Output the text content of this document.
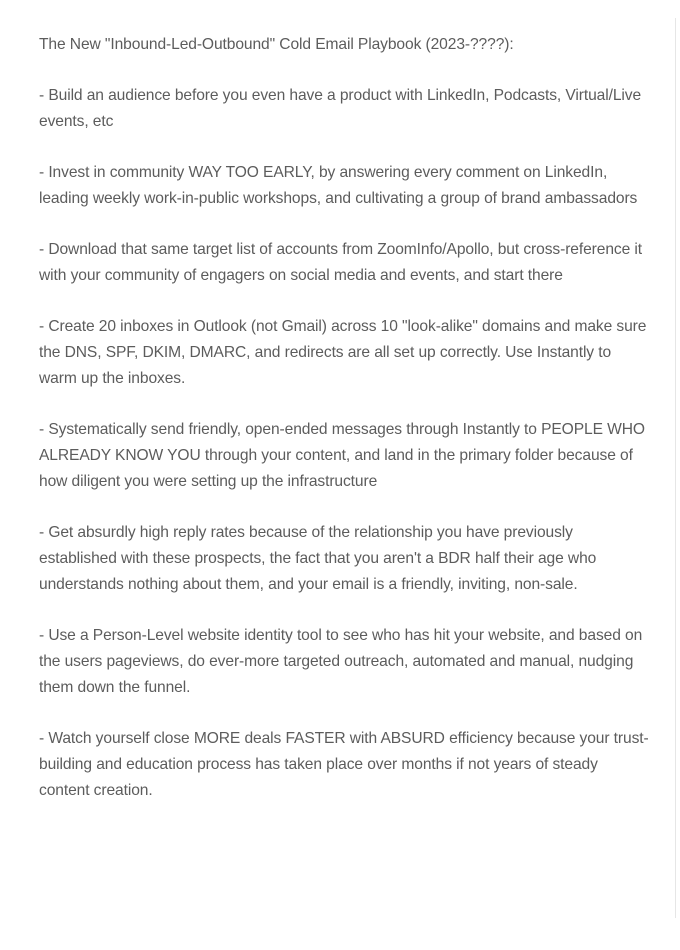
The New "Inbound-Led-Outbound" Cold Email Playbook (2023-????):

- Build an audience before you even have a product with LinkedIn, Podcasts, Virtual/Live events, etc

- Invest in community WAY TOO EARLY, by answering every comment on LinkedIn, leading weekly work-in-public workshops, and cultivating a group of brand ambassadors

- Download that same target list of accounts from ZoomInfo/Apollo, but cross-reference it with your community of engagers on social media and events, and start there

- Create 20 inboxes in Outlook (not Gmail) across 10 "look-alike" domains and make sure the DNS, SPF, DKIM, DMARC, and redirects are all set up correctly. Use Instantly to warm up the inboxes.

- Systematically send friendly, open-ended messages through Instantly to PEOPLE WHO ALREADY KNOW YOU through your content, and land in the primary folder because of how diligent you were setting up the infrastructure

- Get absurdly high reply rates because of the relationship you have previously established with these prospects, the fact that you aren't a BDR half their age who understands nothing about them, and your email is a friendly, inviting, non-sale.

- Use a Person-Level website identity tool to see who has hit your website, and based on the users pageviews, do ever-more targeted outreach, automated and manual, nudging them down the funnel.

- Watch yourself close MORE deals FASTER with ABSURD efficiency because your trust-building and education process has taken place over months if not years of steady content creation.
